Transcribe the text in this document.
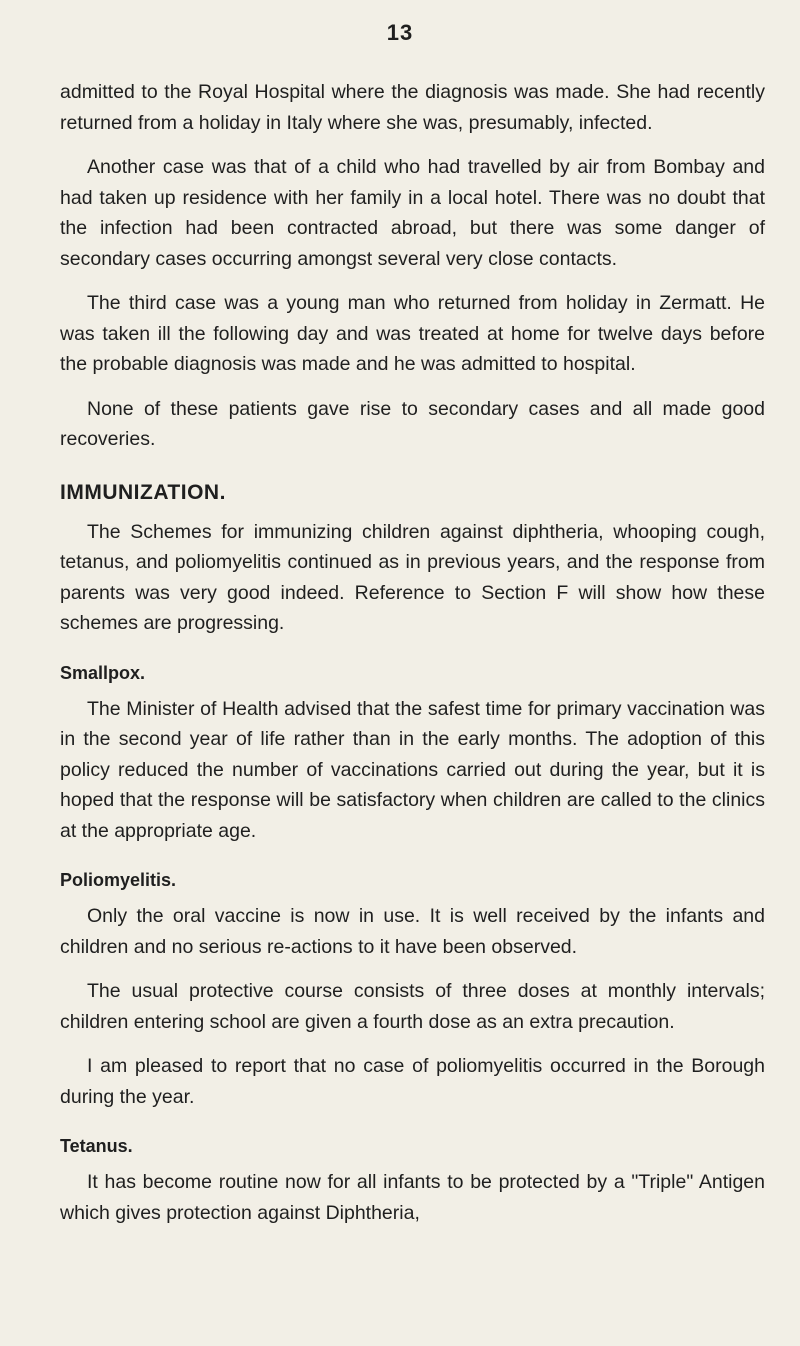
13

admitted to the Royal Hospital where the diagnosis was made. She had recently returned from a holiday in Italy where she was, presumably, infected.

Another case was that of a child who had travelled by air from Bombay and had taken up residence with her family in a local hotel. There was no doubt that the infection had been contracted abroad, but there was some danger of secondary cases occurring amongst several very close contacts.

The third case was a young man who returned from holiday in Zermatt. He was taken ill the following day and was treated at home for twelve days before the probable diagnosis was made and he was admitted to hospital.

None of these patients gave rise to secondary cases and all made good recoveries.

IMMUNIZATION.

The Schemes for immunizing children against diphtheria, whooping cough, tetanus, and poliomyelitis continued as in previous years, and the response from parents was very good indeed. Reference to Section F will show how these schemes are progressing.

Smallpox.

The Minister of Health advised that the safest time for primary vaccination was in the second year of life rather than in the early months. The adoption of this policy reduced the number of vaccinations carried out during the year, but it is hoped that the response will be satisfactory when children are called to the clinics at the appropriate age.

Poliomyelitis.

Only the oral vaccine is now in use. It is well received by the infants and children and no serious re-actions to it have been observed.

The usual protective course consists of three doses at monthly intervals; children entering school are given a fourth dose as an extra precaution.

I am pleased to report that no case of poliomyelitis occurred in the Borough during the year.

Tetanus.

It has become routine now for all infants to be protected by a "Triple" Antigen which gives protection against Diphtheria,
